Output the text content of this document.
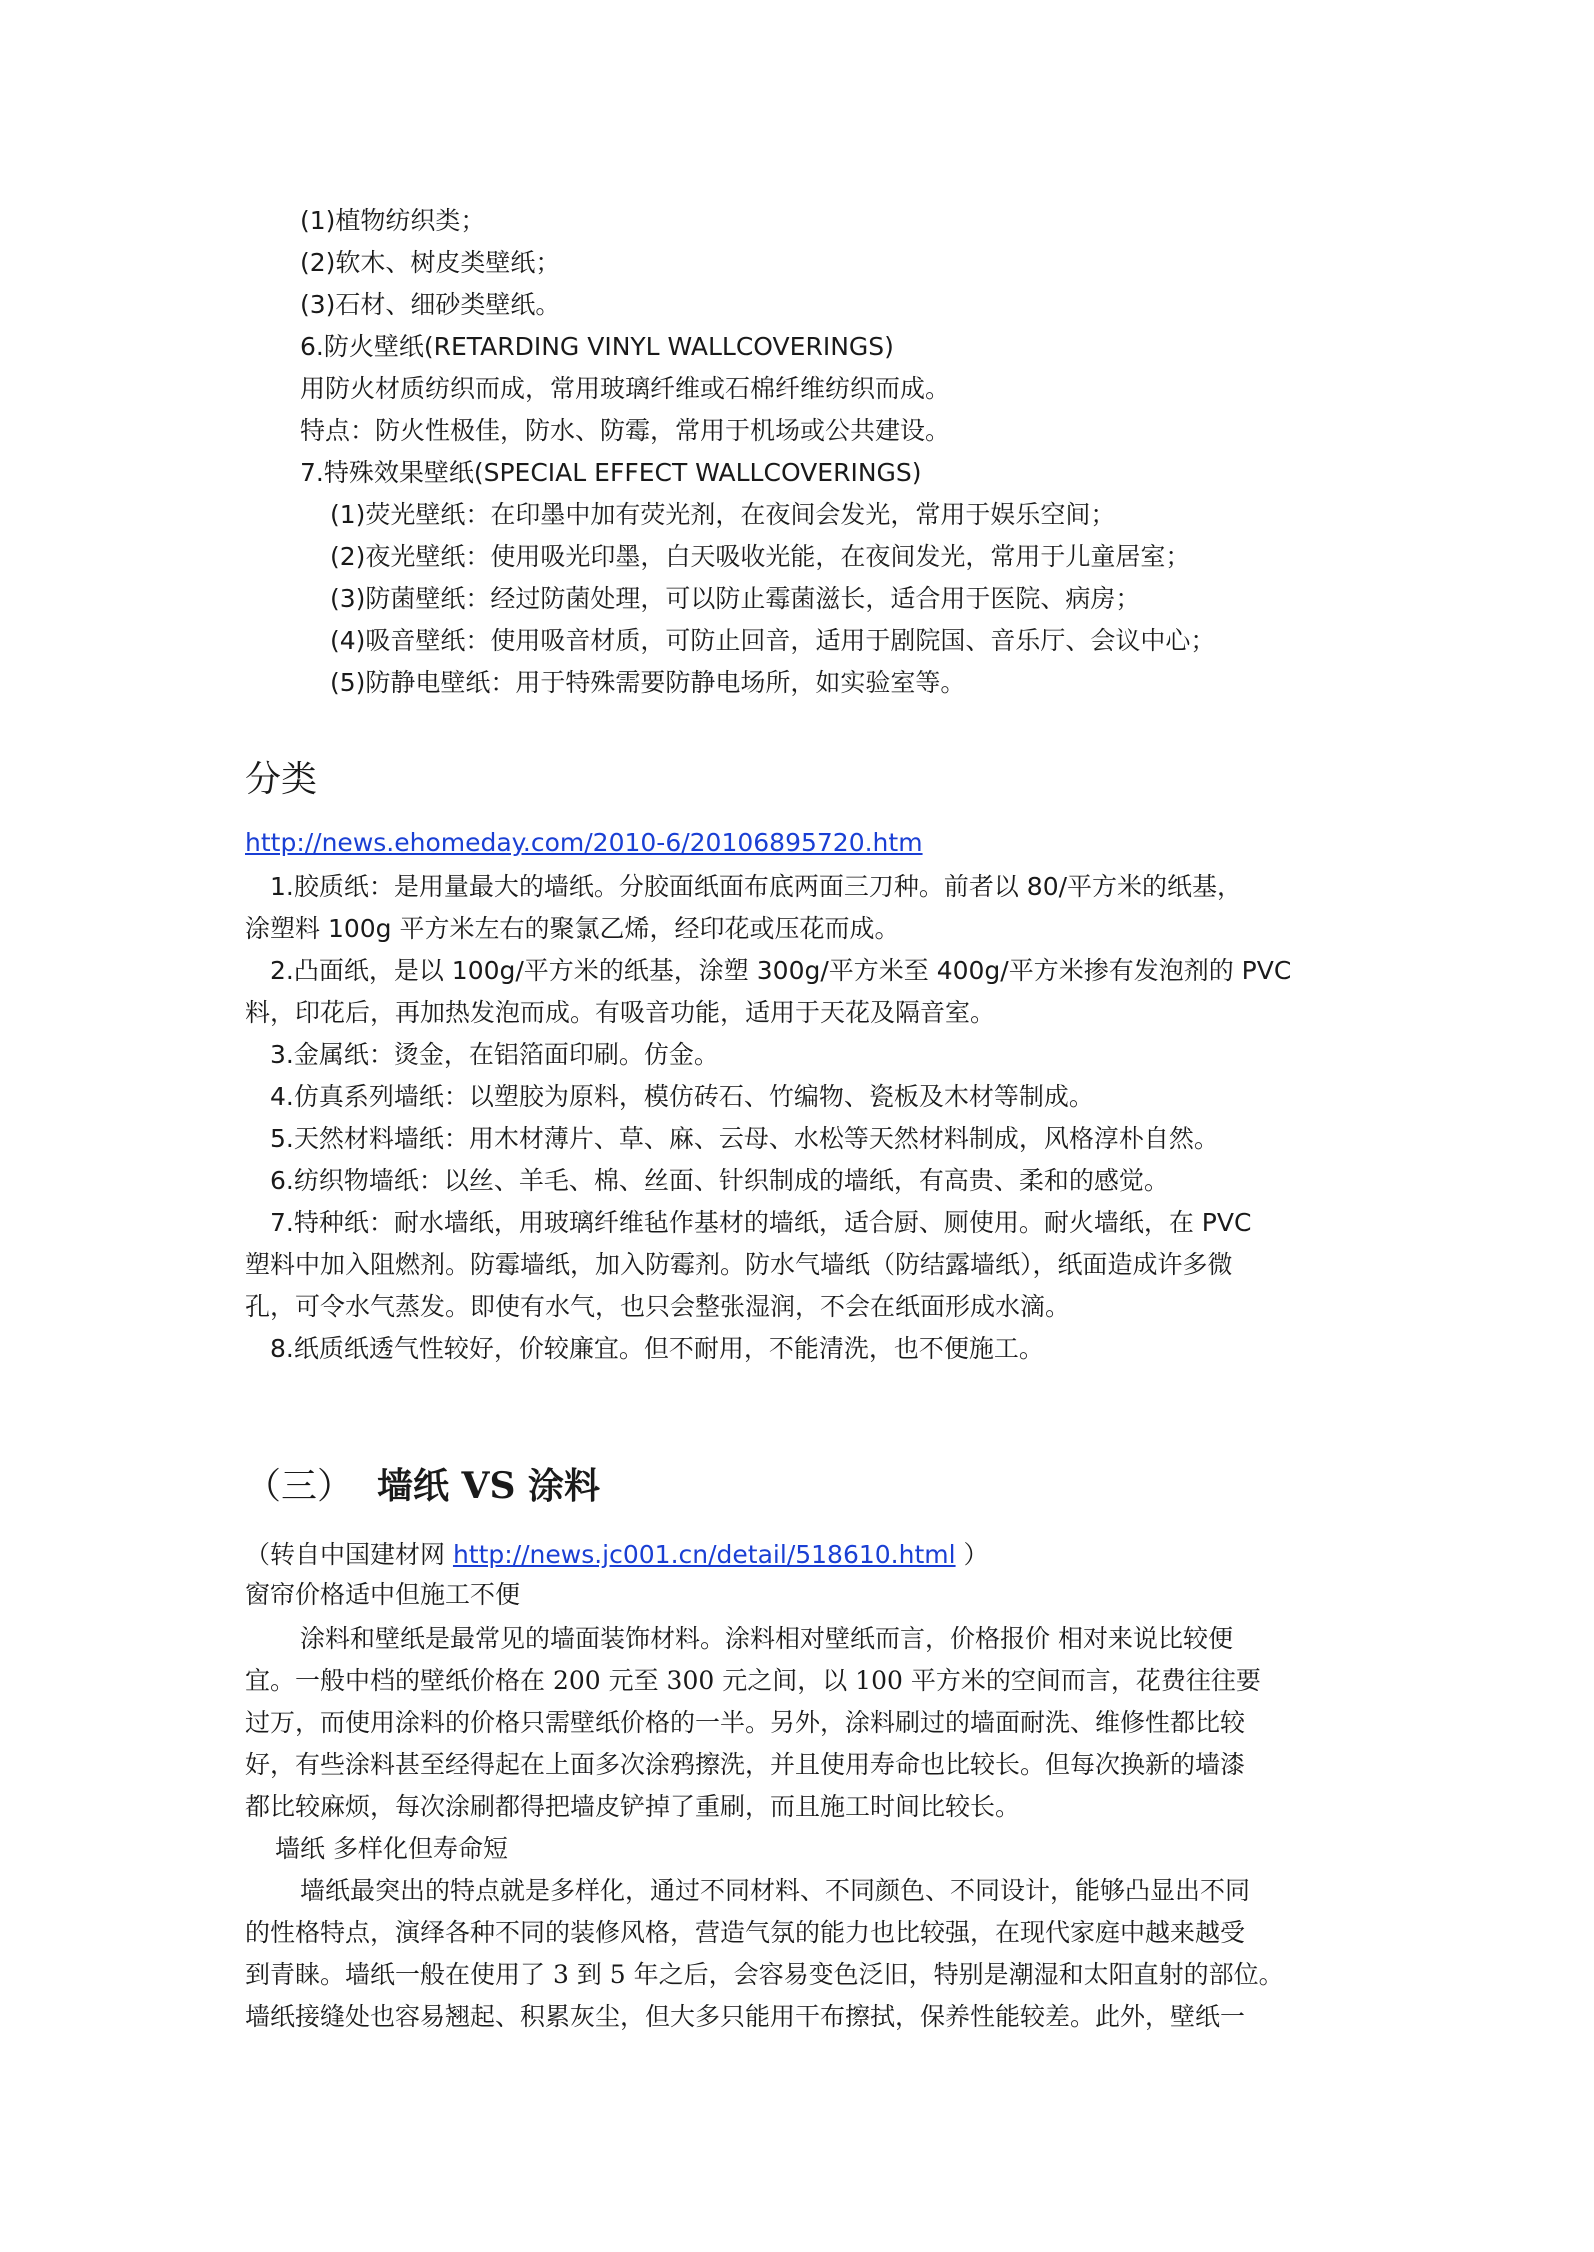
(1)植物纺织类；
(2)软木、树皮类壁纸；
(3)石材、细砂类壁纸。
6.防火壁纸(RETARDING VINYL WALLCOVERINGS)
用防火材质纺织而成，常用玻璃纤维或石棉纤维纺织而成。
特点：防火性极佳，防水、防霉，常用于机场或公共建设。
7.特殊效果壁纸(SPECIAL EFFECT WALLCOVERINGS)
(1)荧光壁纸：在印墨中加有荧光剂，在夜间会发光，常用于娱乐空间；
(2)夜光壁纸：使用吸光印墨，白天吸收光能，在夜间发光，常用于儿童居室；
(3)防菌壁纸：经过防菌处理，可以防止霉菌滋长，适合用于医院、病房；
(4)吸音壁纸：使用吸音材质，可防止回音，适用于剧院国、音乐厅、会议中心；
(5)防静电壁纸：用于特殊需要防静电场所，如实验室等。
分类
http://news.ehomeday.com/2010-6/20106895720.htm
1.胶质纸：是用量最大的墙纸。分胶面纸面布底两面三刀种。前者以 80/平方米的纸基，
涂塑料 100g 平方米左右的聚氯乙烯，经印花或压花而成。
2.凸面纸，是以 100g/平方米的纸基，涂塑 300g/平方米至 400g/平方米掺有发泡剂的 PVC
料，印花后，再加热发泡而成。有吸音功能，适用于天花及隔音室。
3.金属纸：烫金，在铝箔面印刷。仿金。
4.仿真系列墙纸：以塑胶为原料，模仿砖石、竹编物、瓷板及木材等制成。
5.天然材料墙纸：用木材薄片、草、麻、云母、水松等天然材料制成，风格淳朴自然。
6.纺织物墙纸：以丝、羊毛、棉、丝面、针织制成的墙纸，有高贵、柔和的感觉。
7.特种纸：耐水墙纸，用玻璃纤维毡作基材的墙纸，适合厨、厕使用。耐火墙纸，在 PVC
塑料中加入阻燃剂。防霉墙纸，加入防霉剂。防水气墙纸（防结露墙纸），纸面造成许多微
孔，可令水气蒸发。即使有水气，也只会整张湿润，不会在纸面形成水滴。
8.纸质纸透气性较好，价较廉宜。但不耐用，不能清洗，也不便施工。
（三） 墙纸 VS 涂料
（转自中国建材网 http://news.jc001.cn/detail/518610.html ）
窗帘价格适中但施工不便
涂料和壁纸是最常见的墙面装饰材料。涂料相对壁纸而言，价格报价 相对来说比较便
宜。一般中档的壁纸价格在 200 元至 300 元之间，以 100 平方米的空间而言，花费往往要
过万，而使用涂料的价格只需壁纸价格的一半。另外，涂料刷过的墙面耐洗、维修性都比较
好，有些涂料甚至经得起在上面多次涂鸦擦洗，并且使用寿命也比较长。但每次换新的墙漆
都比较麻烦，每次涂刷都得把墙皮铲掉了重刷，而且施工时间比较长。
墙纸 多样化但寿命短
墙纸最突出的特点就是多样化，通过不同材料、不同颜色、不同设计，能够凸显出不同
的性格特点，演绎各种不同的装修风格，营造气氛的能力也比较强，在现代家庭中越来越受
到青睐。墙纸一般在使用了 3 到 5 年之后，会容易变色泛旧，特别是潮湿和太阳直射的部位。
墙纸接缝处也容易翘起、积累灰尘，但大多只能用干布擦拭，保养性能较差。此外，壁纸一
